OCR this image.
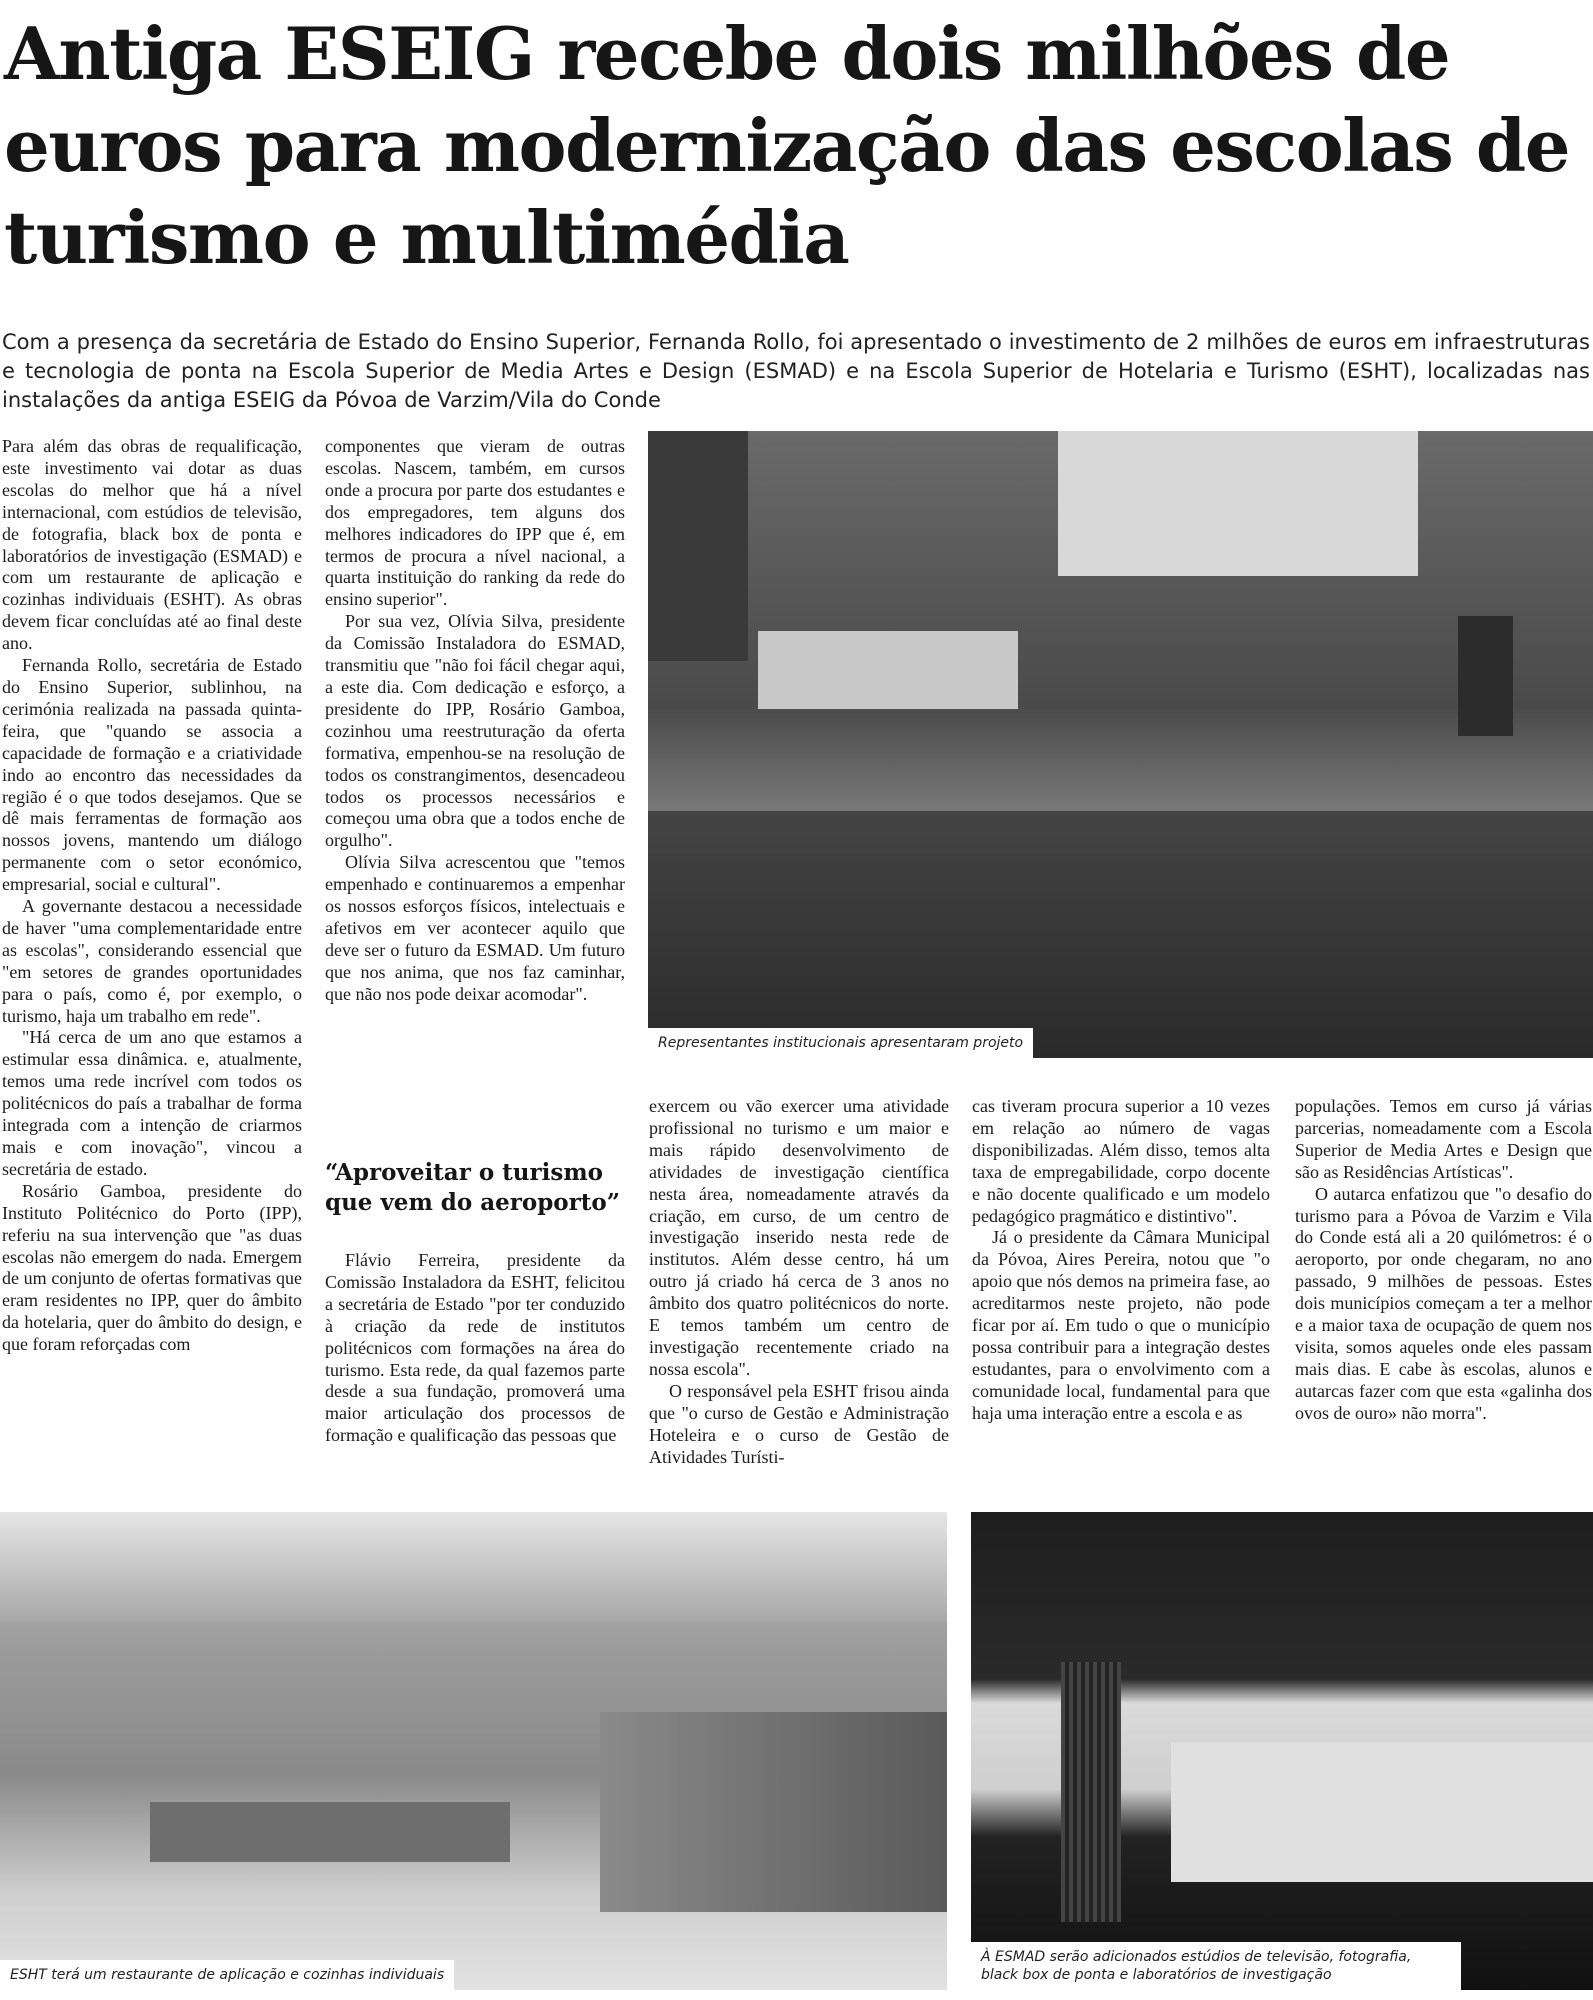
Antiga ESEIG recebe dois milhões de euros para modernização das escolas de turismo e multimédia

Com a presença da secretária de Estado do Ensino Superior, Fernanda Rollo, foi apresentado o investimento de 2 milhões de euros em infraestruturas e tecnologia de ponta na Escola Superior de Media Artes e Design (ESMAD) e na Escola Superior de Hotelaria e Turismo (ESHT), localizadas nas instalações da antiga ESEIG da Póvoa de Varzim/Vila do Conde

Para além das obras de requalificação, este investimento vai dotar as duas escolas do melhor que há a nível internacional, com estúdios de televisão, de fotografia, black box de ponta e laboratórios de investigação (ESMAD) e com um restaurante de aplicação e cozinhas individuais (ESHT). As obras devem ficar concluídas até ao final deste ano.

Fernanda Rollo, secretária de Estado do Ensino Superior, sublinhou, na cerimónia realizada na passada quinta-feira, que "quando se associa a capacidade de formação e a criatividade indo ao encontro das necessidades da região é o que todos desejamos. Que se dê mais ferramentas de formação aos nossos jovens, mantendo um diálogo permanente com o setor económico, empresarial, social e cultural".

A governante destacou a necessidade de haver "uma complementaridade entre as escolas", considerando essencial que "em setores de grandes oportunidades para o país, como é, por exemplo, o turismo, haja um trabalho em rede".

"Há cerca de um ano que estamos a estimular essa dinâmica. e, atualmente, temos uma rede incrível com todos os politécnicos do país a trabalhar de forma integrada com a intenção de criarmos mais e com inovação", vincou a secretária de estado.

Rosário Gamboa, presidente do Instituto Politécnico do Porto (IPP), referiu na sua intervenção que "as duas escolas não emergem do nada. Emergem de um conjunto de ofertas formativas que eram residentes no IPP, quer do âmbito da hotelaria, quer do âmbito do design, e que foram reforçadas com

componentes que vieram de outras escolas. Nascem, também, em cursos onde a procura por parte dos estudantes e dos empregadores, tem alguns dos melhores indicadores do IPP que é, em termos de procura a nível nacional, a quarta instituição do ranking da rede do ensino superior".

Por sua vez, Olívia Silva, presidente da Comissão Instaladora do ESMAD, transmitiu que "não foi fácil chegar aqui, a este dia. Com dedicação e esforço, a presidente do IPP, Rosário Gamboa, cozinhou uma reestruturação da oferta formativa, empenhou-se na resolução de todos os constrangimentos, desencadeou todos os processos necessários e começou uma obra que a todos enche de orgulho".

Olívia Silva acrescentou que "temos empenhado e continuaremos a empenhar os nossos esforços físicos, intelectuais e afetivos em ver acontecer aquilo que deve ser o futuro da ESMAD. Um futuro que nos anima, que nos faz caminhar, que não nos pode deixar acomodar".

“Aproveitar o turismo que vem do aeroporto”

Flávio Ferreira, presidente da Comissão Instaladora da ESHT, felicitou a secretária de Estado "por ter conduzido à criação da rede de institutos politécnicos com formações na área do turismo. Esta rede, da qual fazemos parte desde a sua fundação, promoverá uma maior articulação dos processos de formação e qualificação das pessoas que

exercem ou vão exercer uma atividade profissional no turismo e um maior e mais rápido desenvolvimento de atividades de investigação científica nesta área, nomeadamente através da criação, em curso, de um centro de investigação inserido nesta rede de institutos. Além desse centro, há um outro já criado há cerca de 3 anos no âmbito dos quatro politécnicos do norte. E temos também um centro de investigação recentemente criado na nossa escola".

O responsável pela ESHT frisou ainda que "o curso de Gestão e Administração Hoteleira e o curso de Gestão de Atividades Turísti-

cas tiveram procura superior a 10 vezes em relação ao número de vagas disponibilizadas. Além disso, temos alta taxa de empregabilidade, corpo docente e não docente qualificado e um modelo pedagógico pragmático e distintivo".

Já o presidente da Câmara Municipal da Póvoa, Aires Pereira, notou que "o apoio que nós demos na primeira fase, ao acreditarmos neste projeto, não pode ficar por aí. Em tudo o que o município possa contribuir para a integração destes estudantes, para o envolvimento com a comunidade local, fundamental para que haja uma interação entre a escola e as

populações. Temos em curso já várias parcerias, nomeadamente com a Escola Superior de Media Artes e Design que são as Residências Artísticas".

O autarca enfatizou que "o desafio do turismo para a Póvoa de Varzim e Vila do Conde está ali a 20 quilómetros: é o aeroporto, por onde chegaram, no ano passado, 9 milhões de pessoas. Estes dois municípios começam a ter a melhor e a maior taxa de ocupação de quem nos visita, somos aqueles onde eles passam mais dias. E cabe às escolas, alunos e autarcas fazer com que esta «galinha dos ovos de ouro» não morra".

Representantes institucionais apresentaram projeto
ESHT terá um restaurante de aplicação e cozinhas individuais
À ESMAD serão adicionados estúdios de televisão, fotografia, black box de ponta e laboratórios de investigação
